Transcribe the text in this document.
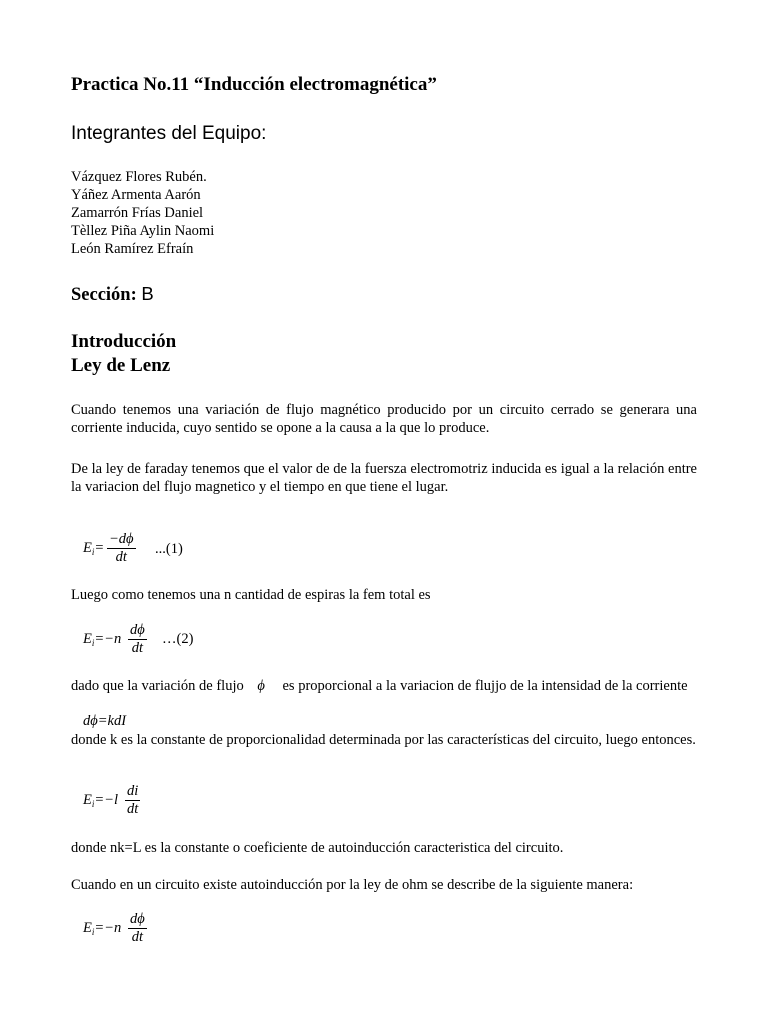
Practica No.11 “Inducción electromagnética”
Integrantes del Equipo:
Vázquez Flores Rubén.
Yáñez Armenta Aarón
Zamarrón Frías Daniel
Tèllez Piña Aylin Naomi
León Ramírez Efraín
Sección: B
Introducción
Ley de Lenz
Cuando tenemos una variación de flujo magnético producido por un circuito cerrado se generara una corriente inducida, cuyo sentido se opone a la causa a la que lo produce.
De la ley de faraday tenemos que el valor de de la fuersza electromotriz inducida es igual a la relación entre la variacion del flujo magnetico y el tiempo en que tiene el lugar.
$E_i= \frac{-d\phi}{dt} ...(1)$
Luego como tenemos una n cantidad de espiras la fem total es
$E_i=-n \frac{d\phi}{dt}$ …(2)
dado que la variación de flujo ϕ es proporcional a la variacion de flujjo de la intensidad de la corriente
dϕ=kdI
donde k es la constante de proporcionalidad determinada por las características del circuito, luego entonces.
$E_i=-l \frac{di}{dt}$
donde nk=L es la constante o coeficiente de autoinducción caracteristica del circuito.
Cuando en un circuito existe autoinducción por la ley de ohm se describe de la siguiente manera:
$E_i=-n \frac{d\phi}{dt}$
